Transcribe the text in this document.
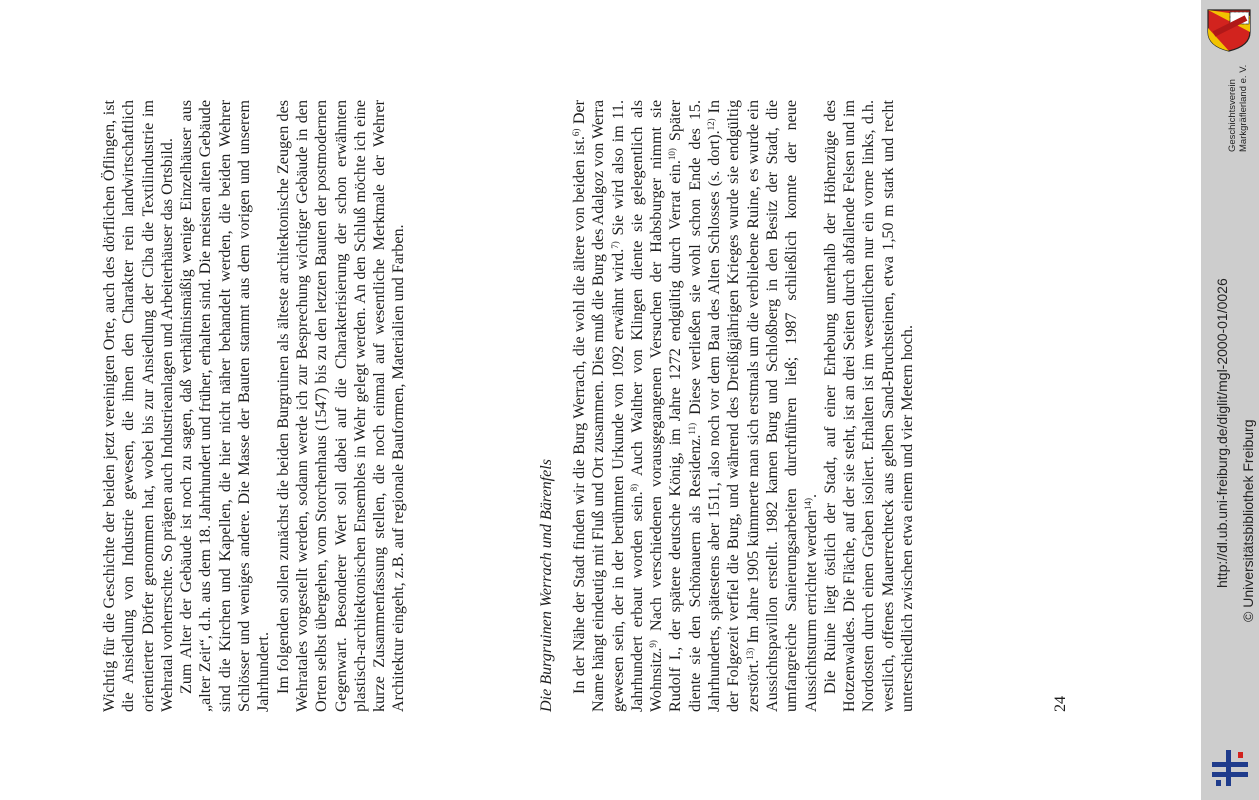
Wichtig für die Geschichte der beiden jetzt vereinigten Orte, auch des dörflichen Öflingen, ist die Ansiedlung von Industrie gewesen, die ihnen den Charakter rein landwirtschaftlich orientierter Dörfer genommen hat, wobei bis zur Ansiedlung der Ciba die Textilindustrie im Wehratal vorherrschte. So prägen auch Industrieanlagen und Arbeiterhäuser das Ortsbild. Zum Alter der Gebäude ist noch zu sagen, daß verhältnismäßig wenige Einzelhäuser aus „alter Zeit“, d.h. aus dem 18. Jahrhundert und früher, erhalten sind. Die meisten alten Gebäude sind die Kirchen und Kapellen, die hier nicht näher behandelt werden, die beiden Wehrer Schlösser und weniges andere. Die Masse der Bauten stammt aus dem vorigen und unserem Jahrhundert. Im folgenden sollen zunächst die beiden Burgruinen als älteste architektonische Zeugen des Wehratales vorgestellt werden, sodann werde ich zur Besprechung wichtiger Gebäude in den Orten selbst übergehen, vom Storchenhaus (1547) bis zu den letzten Bauten der postmodernen Gegenwart. Besonderer Wert soll dabei auf die Charakterisierung der schon erwähnten plastisch-architektonischen Ensembles in Wehr gelegt werden. An den Schluß möchte ich eine kurze Zusammenfassung stellen, die noch einmal auf wesentliche Merkmale der Wehrer Architektur eingeht, z.B. auf regionale Bauformen, Materialien und Farben.	Die Burgruinen Werrach und Bärenfels In der Nähe der Stadt finden wir die Burg Werrach, die wohl die ältere von beiden ist.$^{6)}$ Der Name hängt eindeutig mit Fluß und Ort zusammen. Dies muß die Burg des Adalgoz von Werra gewesen sein, der in der berühmten Urkunde von 1092 erwähnt wird.$^{7)}$ Sie wird also im 11. Jahrhundert erbaut worden sein.$^{8)}$ Auch Walther von Klingen diente sie gelegentlich als Wohnsitz.$^{9)}$ Nach verschiedenen vorausgegangenen Versuchen der Habsburger nimmt sie Rudolf I., der spätere deutsche König, im Jahre 1272 endgültig durch Verrat ein.$^{10)}$ Später diente sie den Schönauern als Residenz.$^{11)}$ Diese verließen sie wohl schon Ende des 15. Jahrhunderts, spätestens aber 1511, also noch vor dem Bau des Alten Schlosses (s. dort).$^{12)}$ In der Folgezeit verfiel die Burg, und während des Dreißigjährigen Krieges wurde sie endgültig zerstört.$^{13)}$ Im Jahre 1905 kümmerte man sich erstmals um die verbliebene Ruine, es wurde ein Aussichtspavillon erstellt. 1982 kamen Burg und Schloßberg in den Besitz der Stadt, die umfangreiche Sanierungsarbeiten durchführen ließ; 1987 schließlich konnte der neue Aussichtsturm errichtet werden$^{14)}$. Die Ruine liegt östlich der Stadt, auf einer Erhebung unterhalb der Höhenzüge des Hotzenwaldes. Die Fläche, auf der sie steht, ist an drei Seiten durch abfallende Felsen und im Nordosten durch einen Graben isoliert. Erhalten ist im wesentlichen nur ein vorne links, d.h. westlich, offenes Mauerrechteck aus gelben Sand-Bruchsteinen, etwa 1,50 m stark und recht unterschiedlich zwischen etwa einem und vier Metern hoch.	24

Geschichtsverein Markgräflerland e. V.
http://dl.ub.uni-freiburg.de/diglit/mgl-2000-01/0026 © Universitätsbibliothek Freiburg
